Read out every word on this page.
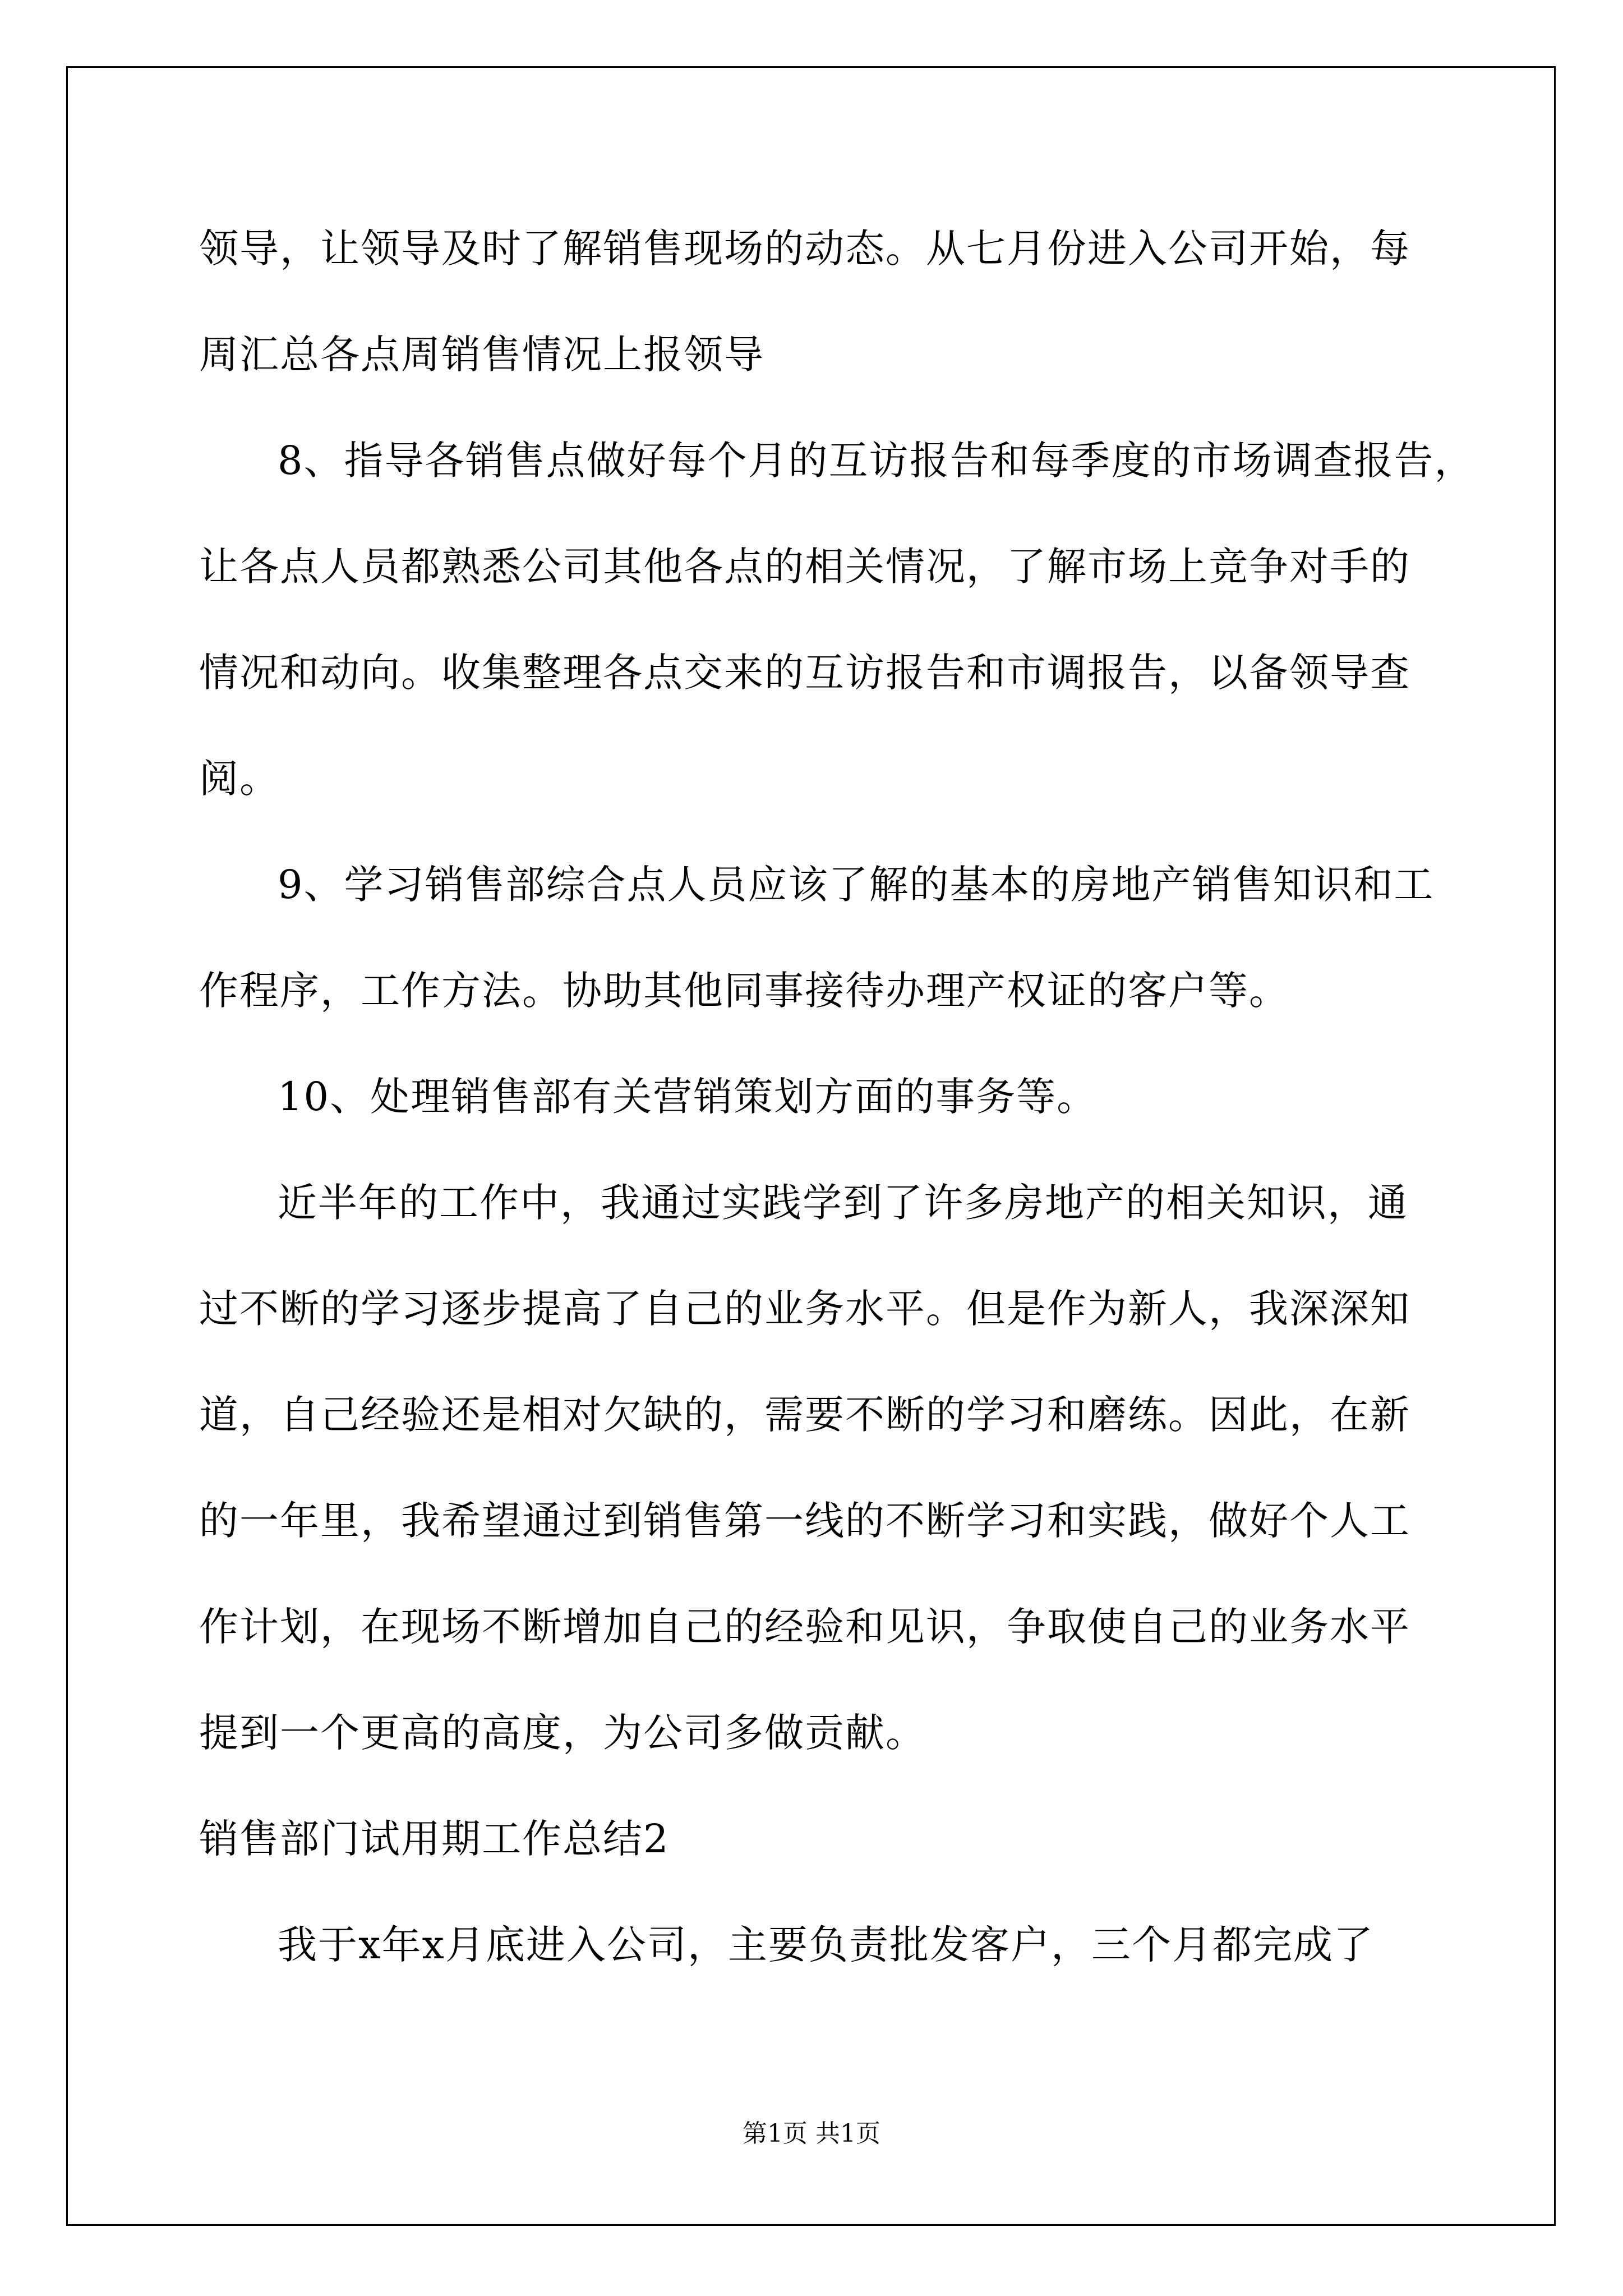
领导，让领导及时了解销售现场的动态。从七月份进入公司开始，每
周汇总各点周销售情况上报领导
8、指导各销售点做好每个月的互访报告和每季度的市场调查报告，
让各点人员都熟悉公司其他各点的相关情况，了解市场上竞争对手的
情况和动向。收集整理各点交来的互访报告和市调报告，以备领导查
阅。
9、学习销售部综合点人员应该了解的基本的房地产销售知识和工
作程序，工作方法。协助其他同事接待办理产权证的客户等。
10、处理销售部有关营销策划方面的事务等。
近半年的工作中，我通过实践学到了许多房地产的相关知识，通
过不断的学习逐步提高了自己的业务水平。但是作为新人，我深深知
道，自己经验还是相对欠缺的，需要不断的学习和磨练。因此，在新
的一年里，我希望通过到销售第一线的不断学习和实践，做好个人工
作计划，在现场不断增加自己的经验和见识，争取使自己的业务水平
提到一个更高的高度，为公司多做贡献。
销售部门试用期工作总结2
我于x年x月底进入公司，主要负责批发客户，三个月都完成了
第1页 共1页
